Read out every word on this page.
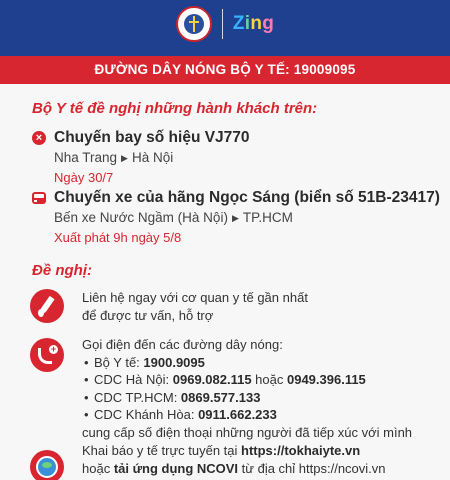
Zing
ĐƯỜNG DÂY NÓNG BỘ Y TẾ: 19009095
Bộ Y tế đề nghị những hành khách trên:
× Chuyến bay số hiệu VJ770
Nha Trang ▶ Hà Nội
Ngày 30/7
Chuyến xe của hãng Ngọc Sáng (biển số 51B-23417)
Bến xe Nước Ngầm (Hà Nội) ▶ TP.HCM
Xuất phát 9h ngày 5/8
Đề nghị:
Liên hệ ngay với cơ quan y tế gần nhất
để được tư vấn, hỗ trợ
+ Gọi điện đến các đường dây nóng:
• Bộ Y tế: 1900.9095
• CDC Hà Nội: 0969.082.115 hoặc 0949.396.115
• CDC TP.HCM: 0869.577.133
• CDC Khánh Hòa: 0911.662.233
cung cấp số điện thoại những người đã tiếp xúc với mình
Khai báo y tế trực tuyến tại https://tokhaiyte.vn
hoặc tải ứng dụng NCOVI từ địa chỉ https://ncovi.vn
